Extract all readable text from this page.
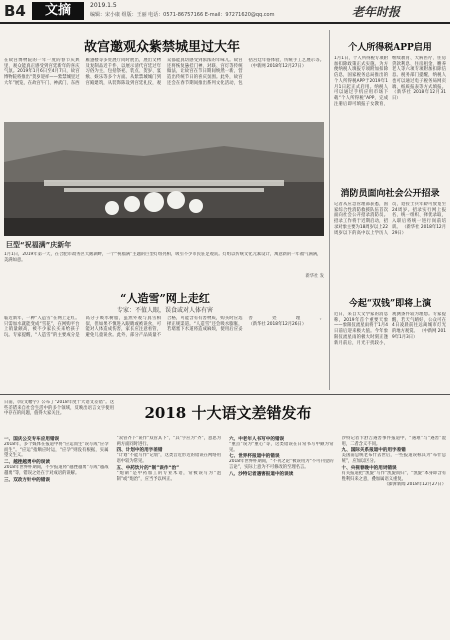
B4	文摘	2019.1.5
编辑：宋小康 组版：王丽 电话：0571-86757166 E-mail：97271620@qq.com	老年时报
故宫邀观众紫禁城里过大年
在故宫博物院的一年一度的春节庆典里，观众能真正感受到宫廷新年的喜庆气氛。2019年1月6日至4月7日，故宫博物院将推出“贺岁迎祥——紫禁城里过大年”展览，在故宫午门、神武门、东西雁翅楼等多处展厅同时展出，展出文物及复制品近千件，以展示清代宫廷过年习俗为主，包括祭祀、装点、贺岁、宴飨、娱乐等多个方面。从紫禁城城门到宫殿建筑，从装饰陈设到宫廷礼仪，观众都能真切感受到浓浓的年味儿。故宫还将恢复悬挂门神、对联、宫灯等传统做法，让故宫在节日期间焕然一新，营造出传统节日的喜庆氛围。此外，故宫还会在春节期间推出系列文化活动，包括宫廷年俗体验、传统手工艺展示等。 （中新网 2018年12月27日）
巨型“祝福满”庆新年
1月1日，2019年第一天，在合肥市政务区天鹅湖畔，一个“祝福满”主题的巨型灯组亮相，吸引不少市民驻足观赏。灯组以传统文化元素设计，寓意新的一年福气满满，美满如意。
新华社 发
“人造雪”网上走红
专家：不值人眼，误食或对人体有害
临近新年，一种“人造雪”在网上走红。只需加水就能变成“雪花”，在网购平台上销量颇高，被不少家长买来给孩子玩。专家提醒，“人造雪”的主要成分是高分子吸水树脂，虽然外观与真雪相似，但如果不慎进入眼睛或被误食，可能对人体造成伤害，家长应注意看管，避免儿童误食。此外，部分产品质量不合格，可能含有有害物质，购买时应选择正规渠道。“人造雪”还会吸水膨胀，若堵塞下水道将造成麻烦，使用后应妥善处理。 （新华社 2018年12月26日）
个人所得税APP启用
1月1日，个人所得税专项附加扣除政策正式实施。为方便纳税人填报专项附加扣除信息，国家税务总局推出的个人所得税APP于2019年1月1日起正式启用。纳税人可以通过手机应用市场下载“个人所得税”APP，完成注册后即可填报子女教育、继续教育、大病医疗、住房贷款利息、住房租金、赡养老人等六项专项附加扣除信息。税务部门提醒，纳税人也可以通过电子税务局网页端、纸质报表等方式填报。 （新华社 2018年12月31日）
消防员面向社会公开招录
记者从应急管理部获悉，国家综合性消防救援队伍首次面向社会公开招录消防员。招录工作将于近期启动，招录对象主要为18周岁以上22周岁以下的高中以上学历人员，退役士兵年龄可放宽至24周岁。招录实行网上报名、统一组织、择优录取，入职后将统一进行岗前培训。 （新华社 2018年12月29日）
今起“双钱”即将上演
近日，来自天文学家的消息称，2019年首个重要天象——象限仪流星雨将于1月4日前后迎来极大值。今年象限仪流星雨的极大时刻正逢新月前后，月光干扰较小，观测条件较为理想。专家提醒，若天气晴好，公众可在4日凌晨前往远离城市灯光的地方观赏。 （中新网 2019年1月3日）
日前，《咬文嚼字》公布了“2018年度十大语文差错”。这些差错来自社会生活中的多个领域，反映出语言文字使用中存在的问题，值得大家关注。	2018 十大语文差错发布
一、国庆公交专车应用错误
2018年，多个媒体在报道中将“应运而生”误写成“应孕而生”。“应运”指顺应时运，“应孕”则没有根据，实属望文生义。
二、越挫越勇中的误读
2018年世界杯期间，不少报道将“越挫越勇”写成“越战越勇”等，错误之处在于对成语的误解。
三、双改方针中的错误
“双管齐下”误作“双管其下”，“其”字应为“齐”，意思为两方面同时进行。
四、计划中的用字差错
“计划”不能写作“记划”，这类音近形近的错误在网络用语中较为常见。
五、中药饮片的“制”误作“治”
“炮制”是中药加工的专业术语，常被误写为“泡制”或“炮治”，应当予以纠正。
六、中老年人书写中的错误
“重点”误为“重心”等，这类错误在日常书写中颇为常见。
七、世界杯报道中的错误
2018年世界杯期间，“不刊之论”被误用为“不可刊登的言论”，实际上意为不可修改的至理名言。
八、沙特记者遇害报道中的误读
沙特记者卡舒吉遇害事件报道中，“遇难”与“遇害”混用，二者含义不同。
九、国际关系报道中的用字差错
美国前总统老布什去世后，一些报道误称其为“布什总统”，应加以区分。
十、央视春晚中的用词错误
有关报道把“凯旋”写作“凯旋而归”，“凯旋”本身即含有胜利归来之意，叠加属语义重复。
（澎湃新闻 2018年12月27日）
